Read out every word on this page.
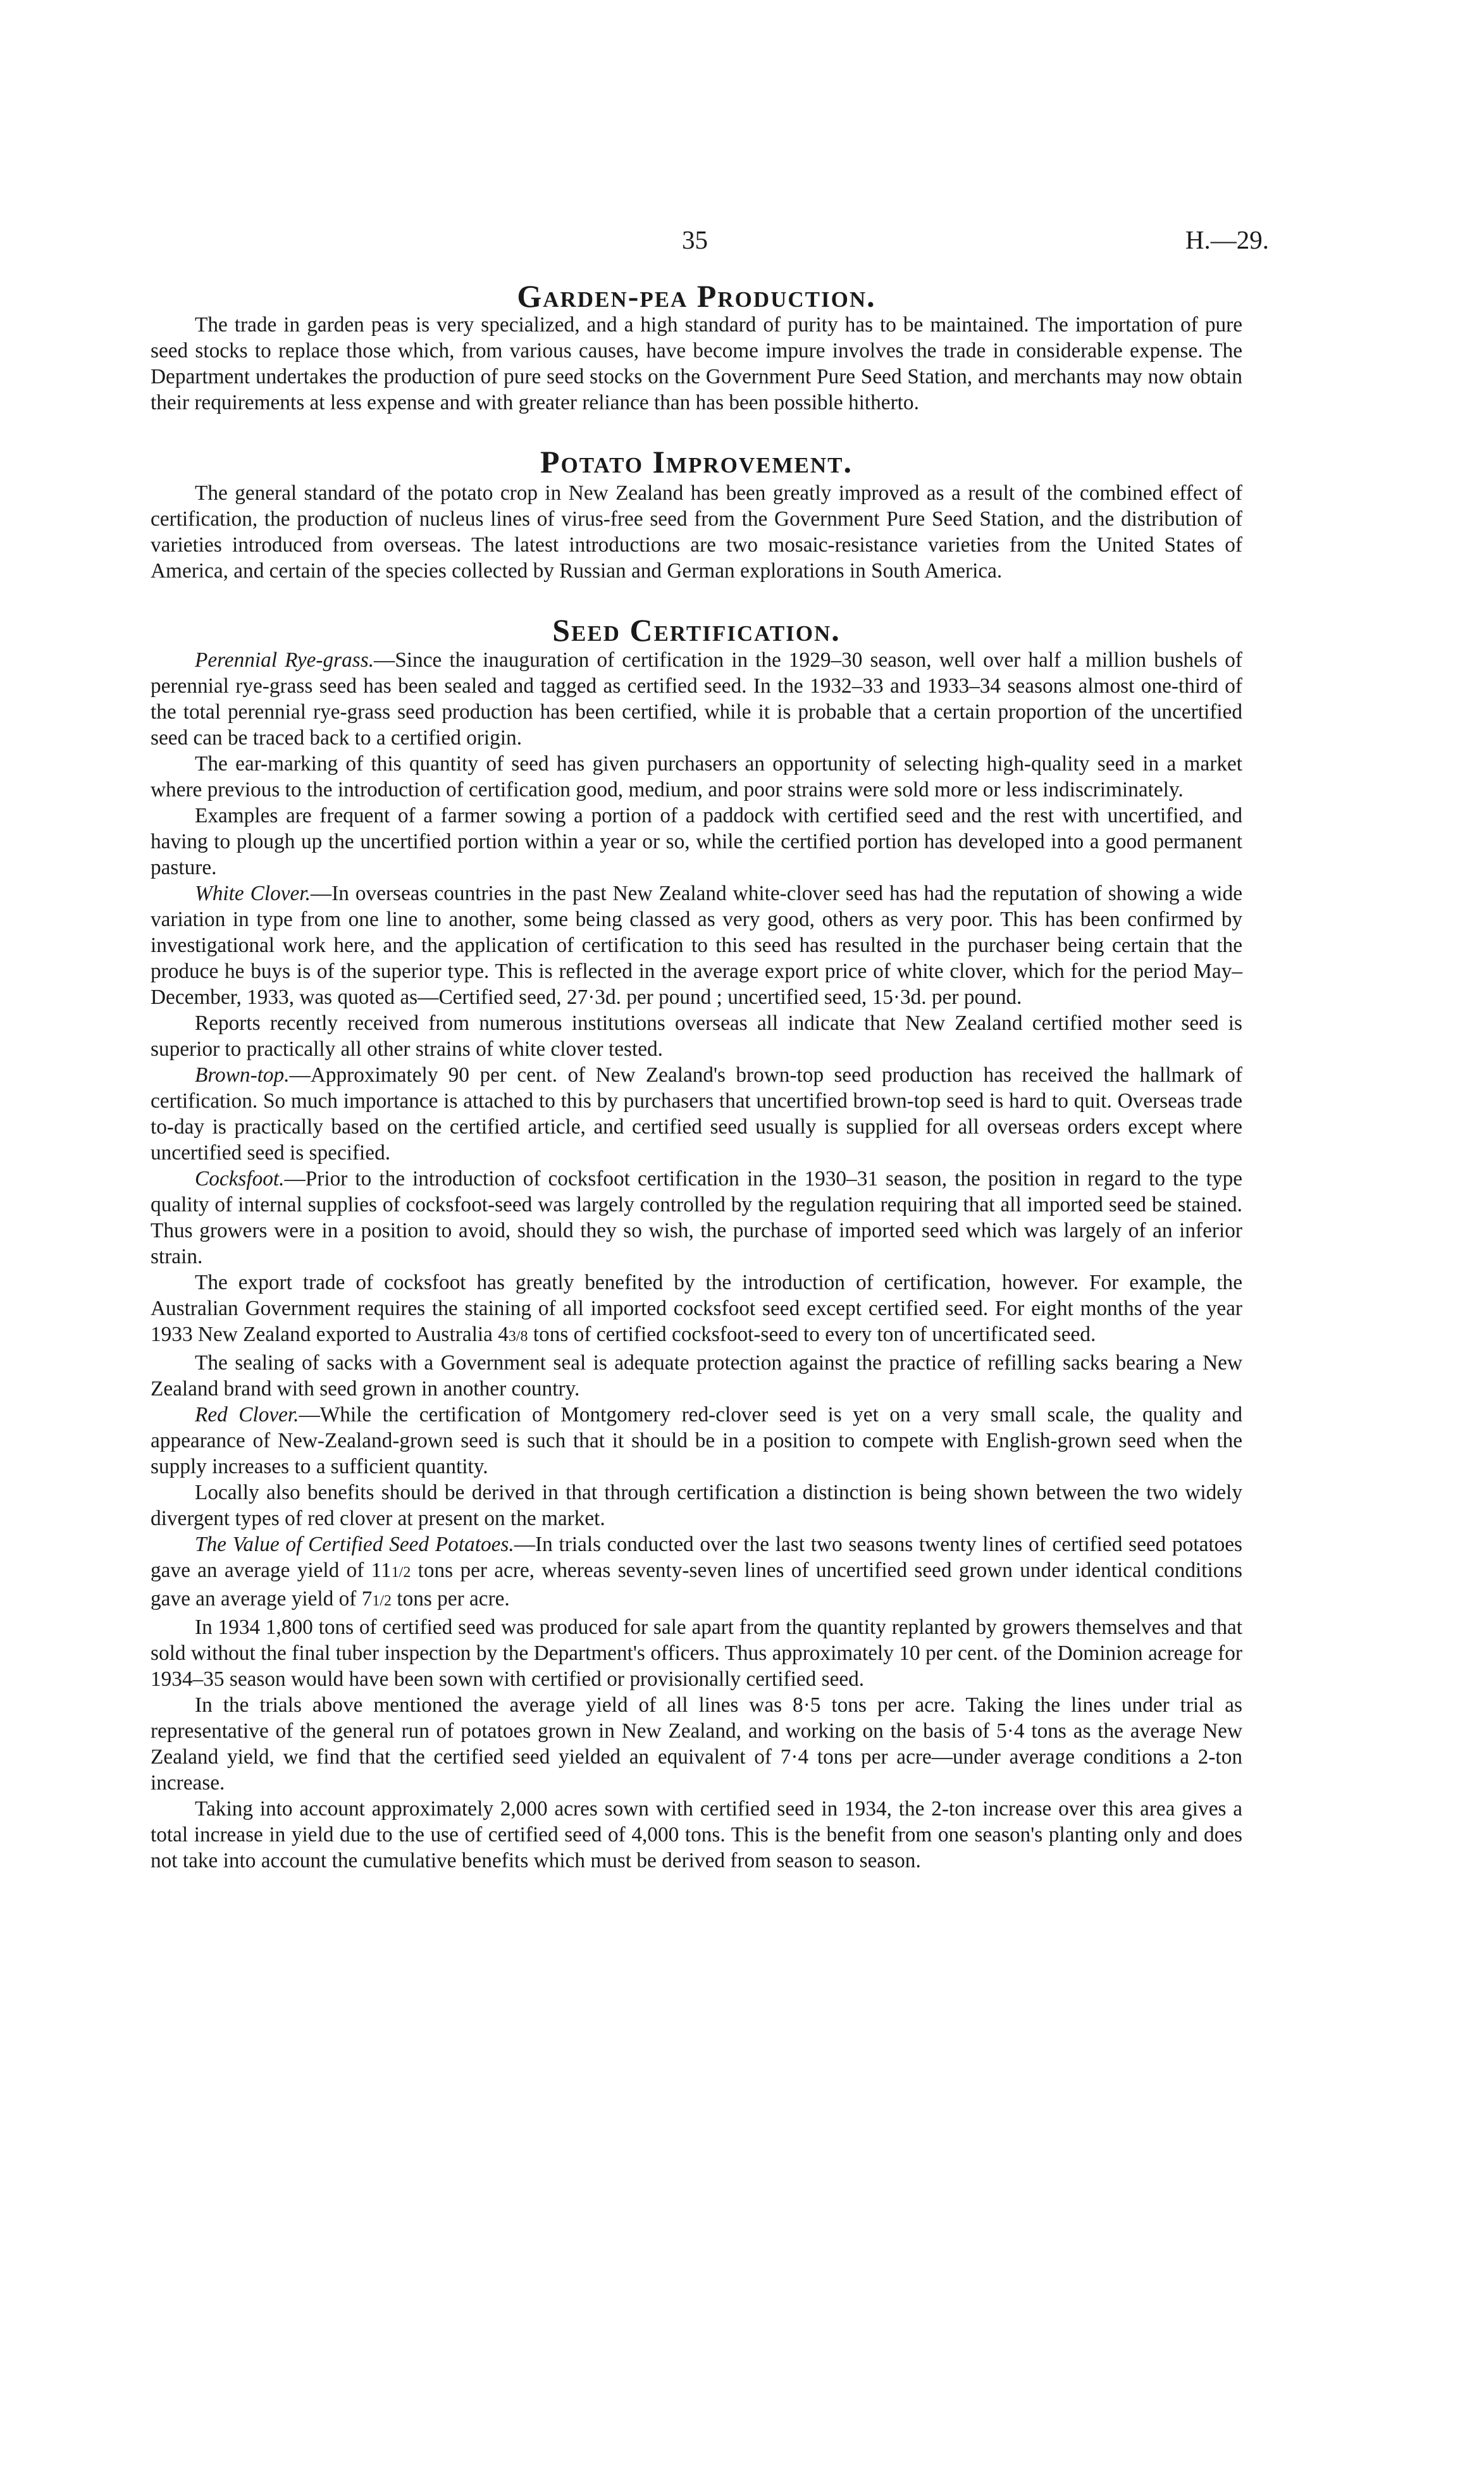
35	H.—29.
Garden-pea Production.

The trade in garden peas is very specialized, and a high standard of purity has to be maintained. The importation of pure seed stocks to replace those which, from various causes, have become impure involves the trade in considerable expense. The Department undertakes the production of pure seed stocks on the Government Pure Seed Station, and merchants may now obtain their requirements at less expense and with greater reliance than has been possible hitherto.

Potato Improvement.

The general standard of the potato crop in New Zealand has been greatly improved as a result of the combined effect of certification, the production of nucleus lines of virus-free seed from the Government Pure Seed Station, and the distribution of varieties introduced from overseas. The latest introductions are two mosaic-resistance varieties from the United States of America, and certain of the species collected by Russian and German explorations in South America.

Seed Certification.

Perennial Rye-grass.—Since the inauguration of certification in the 1929–30 season, well over half a million bushels of perennial rye-grass seed has been sealed and tagged as certified seed. In the 1932–33 and 1933–34 seasons almost one-third of the total perennial rye-grass seed production has been certified, while it is probable that a certain proportion of the uncertified seed can be traced back to a certified origin.

The ear-marking of this quantity of seed has given purchasers an opportunity of selecting high-quality seed in a market where previous to the introduction of certification good, medium, and poor strains were sold more or less indiscriminately.

Examples are frequent of a farmer sowing a portion of a paddock with certified seed and the rest with uncertified, and having to plough up the uncertified portion within a year or so, while the certified portion has developed into a good permanent pasture.

White Clover.—In overseas countries in the past New Zealand white-clover seed has had the reputation of showing a wide variation in type from one line to another, some being classed as very good, others as very poor. This has been confirmed by investigational work here, and the application of certification to this seed has resulted in the purchaser being certain that the produce he buys is of the superior type. This is reflected in the average export price of white clover, which for the period May–December, 1933, was quoted as—Certified seed, 27·3d. per pound ; uncertified seed, 15·3d. per pound.

Reports recently received from numerous institutions overseas all indicate that New Zealand certified mother seed is superior to practically all other strains of white clover tested.

Brown-top.—Approximately 90 per cent. of New Zealand's brown-top seed production has received the hallmark of certification. So much importance is attached to this by purchasers that uncertified brown-top seed is hard to quit. Overseas trade to-day is practically based on the certified article, and certified seed usually is supplied for all overseas orders except where uncertified seed is specified.

Cocksfoot.—Prior to the introduction of cocksfoot certification in the 1930–31 season, the position in regard to the type quality of internal supplies of cocksfoot-seed was largely controlled by the regulation requiring that all imported seed be stained. Thus growers were in a position to avoid, should they so wish, the purchase of imported seed which was largely of an inferior strain.

The export trade of cocksfoot has greatly benefited by the introduction of certification, however. For example, the Australian Government requires the staining of all imported cocksfoot seed except certified seed. For eight months of the year 1933 New Zealand exported to Australia 43/8 tons of certified cocksfoot-seed to every ton of uncertificated seed.

The sealing of sacks with a Government seal is adequate protection against the practice of refilling sacks bearing a New Zealand brand with seed grown in another country.

Red Clover.—While the certification of Montgomery red-clover seed is yet on a very small scale, the quality and appearance of New-Zealand-grown seed is such that it should be in a position to compete with English-grown seed when the supply increases to a sufficient quantity.

Locally also benefits should be derived in that through certification a distinction is being shown between the two widely divergent types of red clover at present on the market.

The Value of Certified Seed Potatoes.—In trials conducted over the last two seasons twenty lines of certified seed potatoes gave an average yield of 111/2 tons per acre, whereas seventy-seven lines of uncertified seed grown under identical conditions gave an average yield of 71/2 tons per acre.

In 1934 1,800 tons of certified seed was produced for sale apart from the quantity replanted by growers themselves and that sold without the final tuber inspection by the Department's officers. Thus approximately 10 per cent. of the Dominion acreage for 1934–35 season would have been sown with certified or provisionally certified seed.

In the trials above mentioned the average yield of all lines was 8·5 tons per acre. Taking the lines under trial as representative of the general run of potatoes grown in New Zealand, and working on the basis of 5·4 tons as the average New Zealand yield, we find that the certified seed yielded an equivalent of 7·4 tons per acre—under average conditions a 2-ton increase.

Taking into account approximately 2,000 acres sown with certified seed in 1934, the 2-ton increase over this area gives a total increase in yield due to the use of certified seed of 4,000 tons. This is the benefit from one season's planting only and does not take into account the cumulative benefits which must be derived from season to season.
